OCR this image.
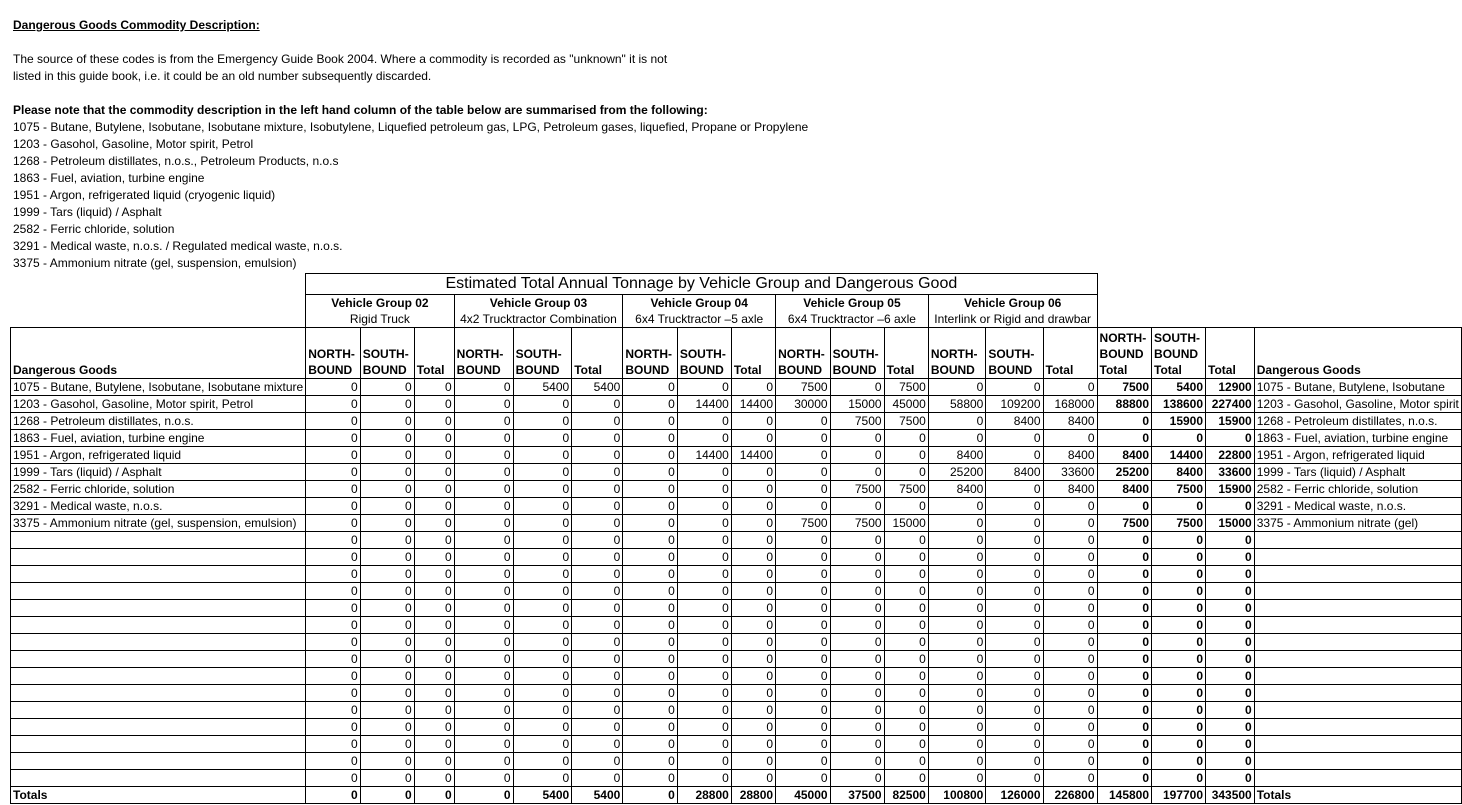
Dangerous Goods Commodity Description:
The source of these codes is from the Emergency Guide Book 2004. Where a commodity is recorded as "unknown" it is not
listed in this guide book, i.e. it could be an old number subsequently discarded.
Please note that the commodity description in the left hand column of the table below are summarised from the following:
1075 - Butane, Butylene, Isobutane, Isobutane mixture, Isobutylene, Liquefied petroleum gas, LPG, Petroleum gases, liquefied, Propane or Propylene
1203 - Gasohol, Gasoline, Motor spirit, Petrol
1268 - Petroleum distillates, n.o.s., Petroleum Products, n.o.s
1863 - Fuel, aviation, turbine engine
1951 - Argon, refrigerated liquid (cryogenic liquid)
1999 - Tars (liquid) / Asphalt
2582 - Ferric chloride, solution
3291 - Medical waste, n.o.s. / Regulated medical waste, n.o.s.
3375 - Ammonium nitrate (gel, suspension, emulsion)
	Estimated Total Annual Tonnage by Vehicle Group and Dangerous Good																		
	Vehicle Group 02			Vehicle Group 03			Vehicle Group 04			Vehicle Group 05			Vehicle Group 06						
	Rigid Truck			4x2 Trucktractor Combination			6x4 Trucktractor –5 axle			6x4 Trucktractor –6 axle			Interlink or Rigid and drawbar						
Dangerous Goods	NORTH-BOUND	SOUTH-BOUND	Total	NORTH-BOUND	SOUTH-BOUND	Total	NORTH-BOUND	SOUTH-BOUND	Total	NORTH-BOUND	SOUTH-BOUND	Total	NORTH-BOUND	SOUTH-BOUND	Total	NORTH-BOUND Total	SOUTH-BOUND Total	Total	Dangerous Goods
1075 - Butane, Butylene, Isobutane, Isobutane mixture	0	0	0	0	5400	5400	0	0	0	7500	0	7500	0	0	0	7500	5400	12900	1075 - Butane, Butylene, Isobutane
1203 - Gasohol, Gasoline, Motor spirit, Petrol	0	0	0	0	0	0	0	14400	14400	30000	15000	45000	58800	109200	168000	88800	138600	227400	1203 - Gasohol, Gasoline, Motor spirit
1268 - Petroleum distillates, n.o.s.	0	0	0	0	0	0	0	0	0	0	7500	7500	0	8400	8400	0	15900	15900	1268 - Petroleum distillates, n.o.s.
1863 - Fuel, aviation, turbine engine	0	0	0	0	0	0	0	0	0	0	0	0	0	0	0	0	0	0	1863 - Fuel, aviation, turbine engine
1951 - Argon, refrigerated liquid	0	0	0	0	0	0	0	14400	14400	0	0	0	8400	0	8400	8400	14400	22800	1951 - Argon, refrigerated liquid
1999 - Tars (liquid) / Asphalt	0	0	0	0	0	0	0	0	0	0	0	0	25200	8400	33600	25200	8400	33600	1999 - Tars (liquid) / Asphalt
2582 - Ferric chloride, solution	0	0	0	0	0	0	0	0	0	0	7500	7500	8400	0	8400	8400	7500	15900	2582 - Ferric chloride, solution
3291 - Medical waste, n.o.s.	0	0	0	0	0	0	0	0	0	0	0	0	0	0	0	0	0	0	3291 - Medical waste, n.o.s.
3375 - Ammonium nitrate (gel, suspension, emulsion)	0	0	0	0	0	0	0	0	0	7500	7500	15000	0	0	0	7500	7500	15000	3375 - Ammonium nitrate (gel)
	0	0	0	0	0	0	0	0	0	0	0	0	0	0	0	0	0	0	
	0	0	0	0	0	0	0	0	0	0	0	0	0	0	0	0	0	0	
	0	0	0	0	0	0	0	0	0	0	0	0	0	0	0	0	0	0	
	0	0	0	0	0	0	0	0	0	0	0	0	0	0	0	0	0	0	
	0	0	0	0	0	0	0	0	0	0	0	0	0	0	0	0	0	0	
	0	0	0	0	0	0	0	0	0	0	0	0	0	0	0	0	0	0	
	0	0	0	0	0	0	0	0	0	0	0	0	0	0	0	0	0	0	
	0	0	0	0	0	0	0	0	0	0	0	0	0	0	0	0	0	0	
	0	0	0	0	0	0	0	0	0	0	0	0	0	0	0	0	0	0	
	0	0	0	0	0	0	0	0	0	0	0	0	0	0	0	0	0	0	
	0	0	0	0	0	0	0	0	0	0	0	0	0	0	0	0	0	0	
	0	0	0	0	0	0	0	0	0	0	0	0	0	0	0	0	0	0	
	0	0	0	0	0	0	0	0	0	0	0	0	0	0	0	0	0	0	
	0	0	0	0	0	0	0	0	0	0	0	0	0	0	0	0	0	0	
	0	0	0	0	0	0	0	0	0	0	0	0	0	0	0	0	0	0	
Totals	0	0	0	0	5400	5400	0	28800	28800	45000	37500	82500	100800	126000	226800	145800	197700	343500	Totals
